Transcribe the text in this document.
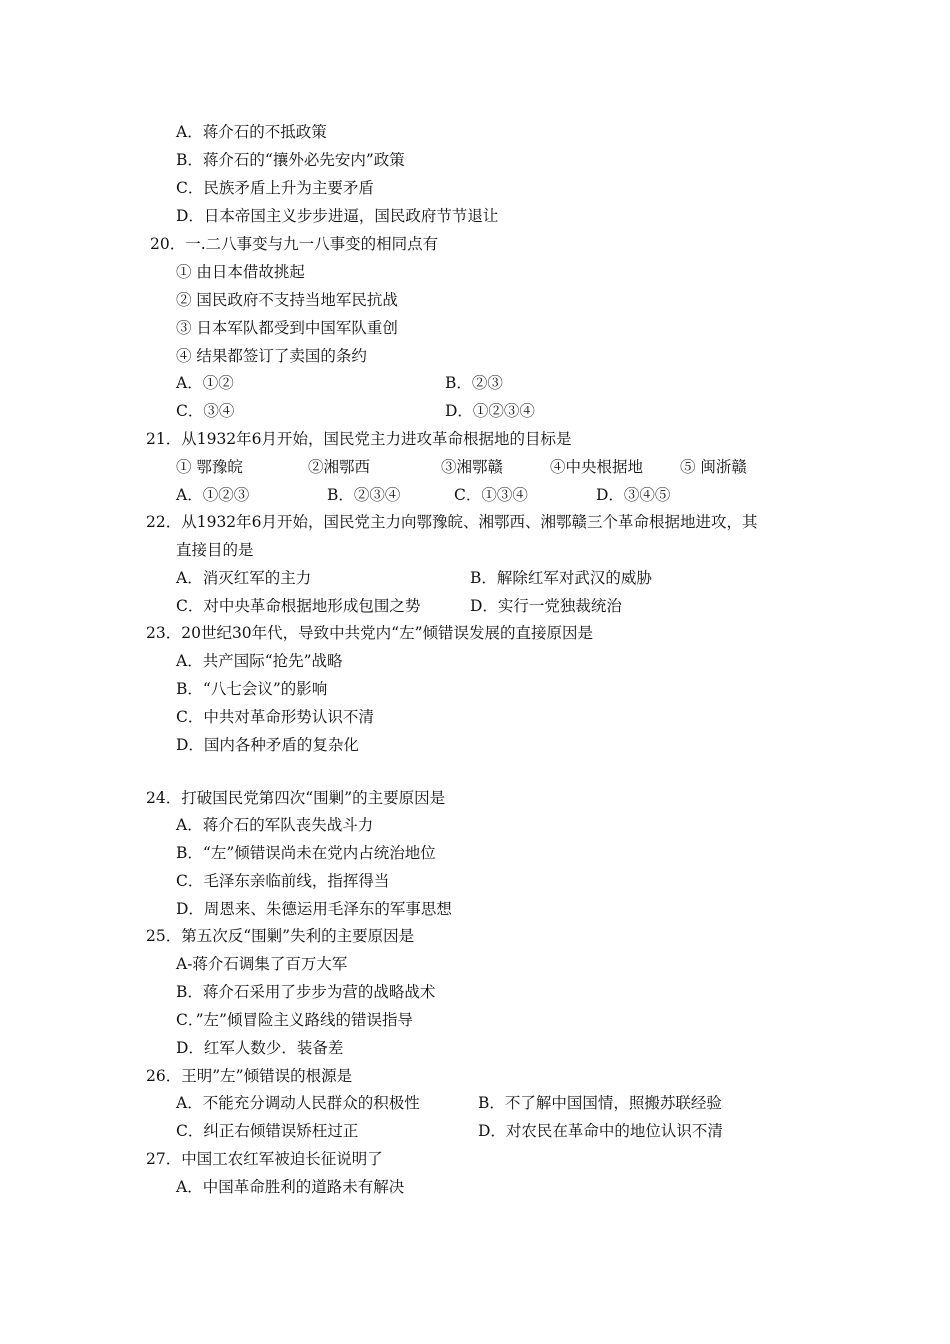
A．蒋介石的不抵政策
B．蒋介石的“攘外必先安内”政策
C．民族矛盾上升为主要矛盾
D．日本帝国主义步步进逼，国民政府节节退让
20．一.二八事变与九一八事变的相同点有
① 由日本借故挑起
② 国民政府不支持当地军民抗战
③ 日本军队都受到中国军队重创
④ 结果都签订了卖国的条约
A．①②	B．②③
C．③④	D．①②③④
21．从1932年6月开始，国民党主力进攻革命根据地的目标是
① 鄂豫皖	②湘鄂西	③湘鄂赣	④中央根据地 ⑤ 闽浙赣
A．①②③	B．②③④	C．①③④	D．③④⑤
22．从1932年6月开始，国民党主力向鄂豫皖、湘鄂西、湘鄂赣三个革命根据地进攻，其
直接目的是
A．消灭红军的主力	B．解除红军对武汉的威胁
C．对中央革命根据地形成包围之势	D．实行一党独裁统治
23．20世纪30年代，导致中共党内“左”倾错误发展的直接原因是
A．共产国际“抢先”战略
B．“八七会议”的影响
C．中共对革命形势认识不清
D．国内各种矛盾的复杂化
24．打破国民党第四次“围剿”的主要原因是
A．蒋介石的军队丧失战斗力
B．“左”倾错误尚未在党内占统治地位
C．毛泽东亲临前线，指挥得当
D．周恩来、朱德运用毛泽东的军事思想
25．第五次反“围剿”失利的主要原因是
A-蒋介石调集了百万大军
B．蒋介石采用了步步为营的战略战术
C．”左”倾冒险主义路线的错误指导
D．红军人数少．装备差
26．王明”左”倾错误的根源是
A．不能充分调动人民群众的积极性	B．不了解中国国情，照搬苏联经验
C．纠正右倾错误矫枉过正	D．对农民在革命中的地位认识不清
27．中国工农红军被迫长征说明了
A．中国革命胜利的道路未有解决
